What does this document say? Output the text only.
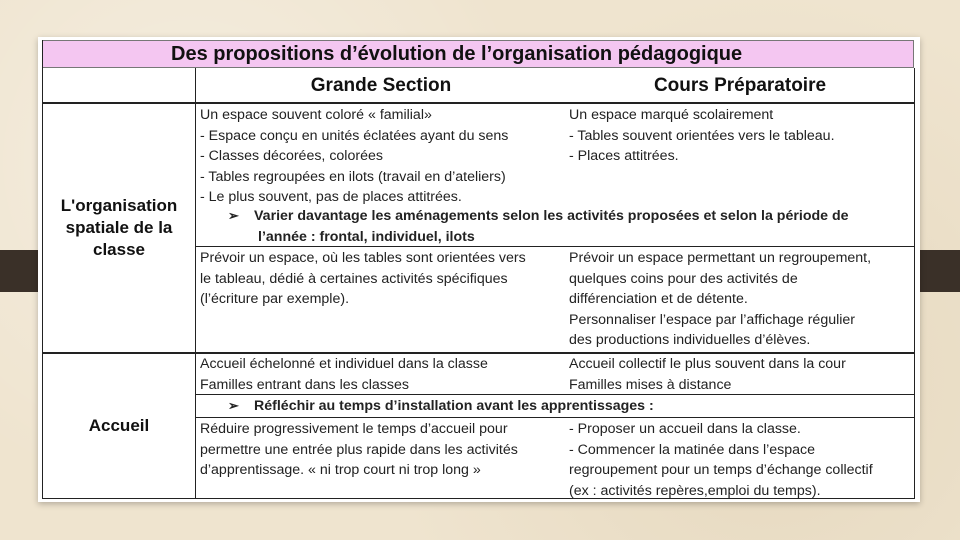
Des propositions d’évolution de l’organisation pédagogique
Grande Section	Cours Préparatoire
L'organisation spatiale de la classe
Accueil
Un espace souvent coloré « familial»
- Espace conçu en unités éclatées ayant du sens
- Classes décorées, colorées
- Tables regroupées en ilots (travail en d’ateliers)
- Le plus souvent, pas de places attitrées.
Un espace marqué scolairement
- Tables souvent orientées vers le tableau.
- Places attitrées.
➢ Varier davantage les aménagements selon les activités proposées et selon la période de
l’année : frontal, individuel, ilots
Prévoir un espace, où les tables sont orientées vers
le tableau, dédié à certaines activités spécifiques
(l’écriture par exemple).
Prévoir un espace permettant un regroupement,
quelques coins pour des activités de
différenciation et de détente.
Personnaliser l’espace par l’affichage régulier
des productions individuelles d’élèves.
Accueil échelonné et individuel dans la classe
Familles entrant dans les classes
Accueil collectif le plus souvent dans la cour
Familles mises à distance
➢ Réfléchir au temps d’installation avant les apprentissages :
Réduire progressivement le temps d’accueil pour
permettre une entrée plus rapide dans les activités
d’apprentissage. « ni trop court ni trop long »
- Proposer un accueil dans la classe.
- Commencer la matinée dans l’espace
regroupement pour un temps d’échange collectif
(ex : activités repères,emploi du temps).
